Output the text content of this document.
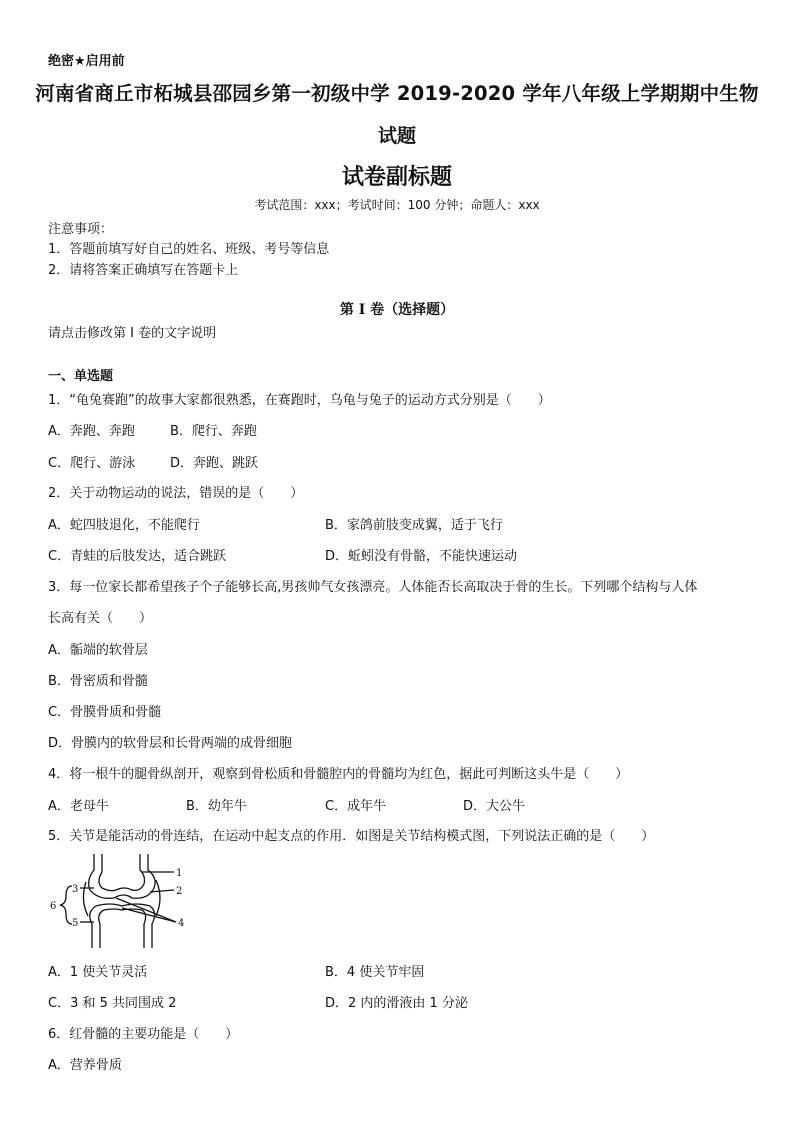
绝密★启用前
河南省商丘市柘城县邵园乡第一初级中学 2019-2020 学年八年级上学期期中生物
试题
试卷副标题
考试范围：xxx；考试时间：100 分钟；命题人：xxx
注意事项：
1．答题前填写好自己的姓名、班级、考号等信息
2．请将答案正确填写在答题卡上
第 I 卷（选择题）
请点击修改第 I 卷的文字说明
一、单选题
1．“龟兔赛跑”的故事大家都很熟悉，在赛跑时，乌龟与兔子的运动方式分别是（　　）
A．奔跑、奔跑	B．爬行、奔跑
C．爬行、游泳	D．奔跑、跳跃
2．关于动物运动的说法，错误的是（　　）
A．蛇四肢退化，不能爬行	B．家鸽前肢变成翼，适于飞行
C．青蛙的后肢发达，适合跳跃	D．蚯蚓没有骨骼，不能快速运动
3．每一位家长都希望孩子个子能够长高,男孩帅气女孩漂亮。人体能否长高取决于骨的生长。下列哪个结构与人体
长高有关（　　）
A．骺端的软骨层
B．骨密质和骨髓
C．骨膜骨质和骨髓
D．骨膜内的软骨层和长骨两端的成骨细胞
4．将一根牛的腿骨纵剖开，观察到骨松质和骨髓腔内的骨髓均为红色，据此可判断这头牛是（　　）
A．老母牛	B．幼年牛	C．成年牛	D．大公牛
5．关节是能活动的骨连结，在运动中起支点的作用．如图是关节结构模式图，下列说法正确的是（　　）
1
2
3
4
5
6
A．1 使关节灵活	B．4 使关节牢固
C．3 和 5 共同围成 2	D．2 内的滑液由 1 分泌
6．红骨髓的主要功能是（　　）
A．营养骨质
